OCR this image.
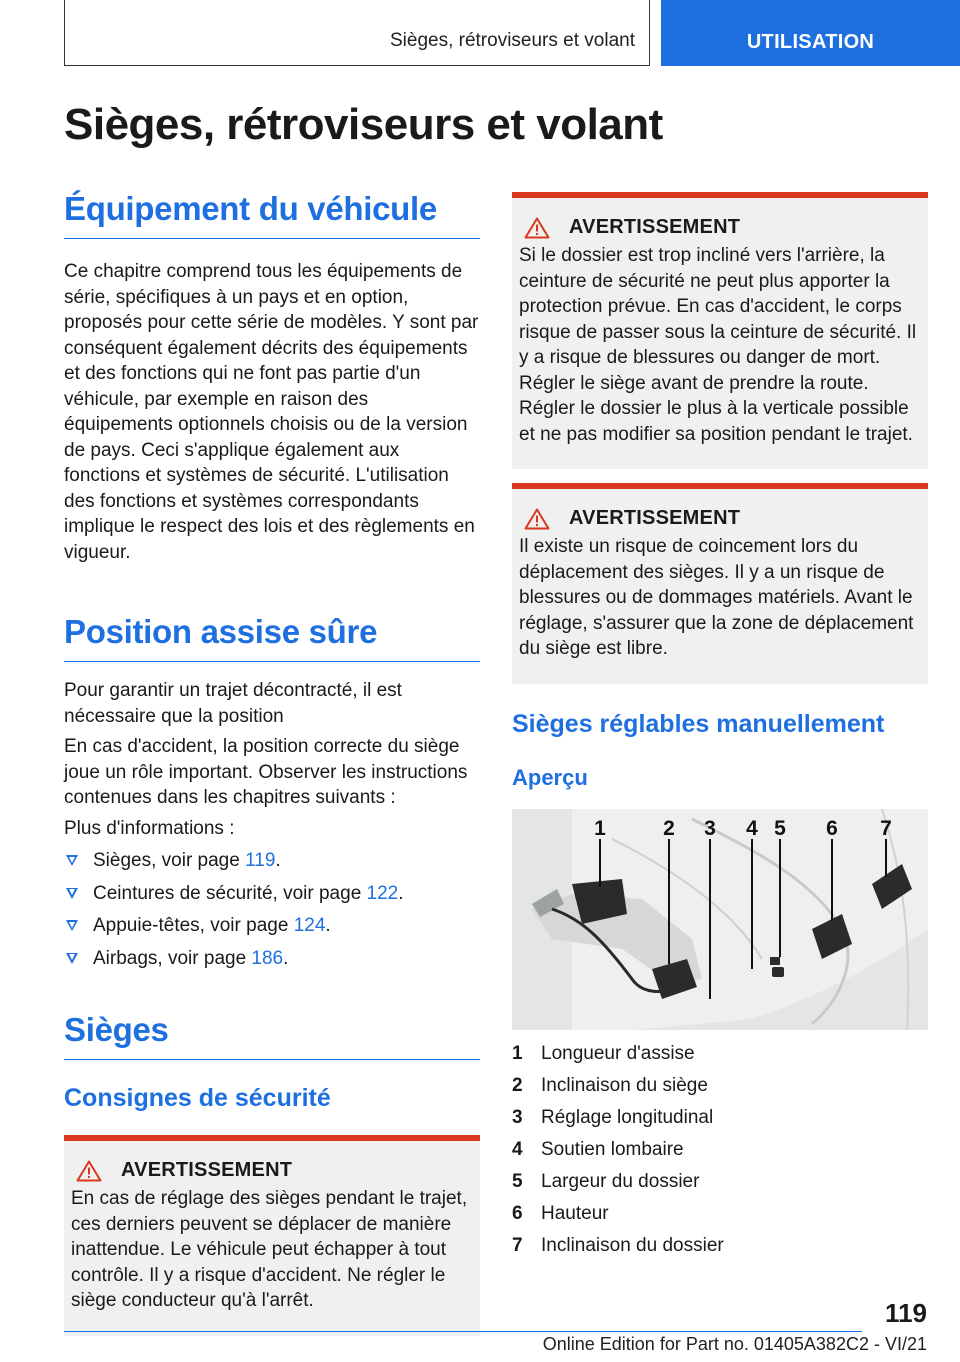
Sièges, rétroviseurs et volant	UTILISATION
Sièges, rétroviseurs et volant
Équipement du véhicule

Ce chapitre comprend tous les équipements de série, spécifiques à un pays et en option, proposés pour cette série de modèles. Y sont par conséquent également décrits des équipements et des fonctions qui ne font pas partie d'un véhicule, par exemple en raison des équipements optionnels choisis ou de la version de pays. Ceci s'applique également aux fonctions et systèmes de sécurité. L'utilisation des fonctions et systèmes correspondants implique le respect des lois et des règlements en vigueur.

Position assise sûre

Pour garantir un trajet décontracté, il est nécessaire que la position

En cas d'accident, la position correcte du siège joue un rôle important. Observer les instructions contenues dans les chapitres suivants :

Plus d'informations :

Sièges, voir page 119.
Ceintures de sécurité, voir page 122.
Appuie-têtes, voir page 124.
Airbags, voir page 186.
Sièges
Consignes de sécurité
AVERTISSEMENT

En cas de réglage des sièges pendant le trajet, ces derniers peuvent se déplacer de manière inattendue. Le véhicule peut échapper à tout contrôle. Il y a risque d'accident. Ne régler le siège conducteur qu'à l'arrêt.

AVERTISSEMENT

Si le dossier est trop incliné vers l'arrière, la ceinture de sécurité ne peut plus apporter la protection prévue. En cas d'accident, le corps risque de passer sous la ceinture de sécurité. Il y a risque de blessures ou danger de mort. Régler le siège avant de prendre la route. Régler le dossier le plus à la verticale possible et ne pas modifier sa position pendant le trajet.

AVERTISSEMENT

Il existe un risque de coincement lors du déplacement des sièges. Il y a un risque de blessures ou de dommages matériels. Avant le réglage, s'assurer que la zone de déplacement du siège est libre.

Sièges réglables manuellement
Aperçu
1	2 3 4 5 6 7
1 Longueur d'assise
2 Inclinaison du siège
3 Réglage longitudinal
4 Soutien lombaire
5 Largeur du dossier
6 Hauteur
7 Inclinaison du dossier
119
Online Edition for Part no. 01405A382C2 - VI/21
